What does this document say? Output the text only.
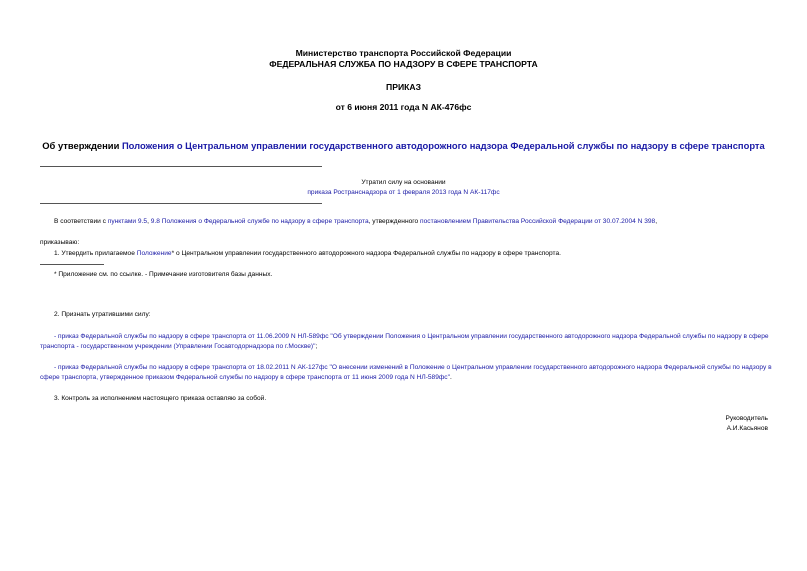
Министерство транспорта Российской Федерации
ФЕДЕРАЛЬНАЯ СЛУЖБА ПО НАДЗОРУ В СФЕРЕ ТРАНСПОРТА
ПРИКАЗ
от 6 июня 2011 года N АК-476фс
Об утверждении Положения о Центральном управлении государственного автодорожного надзора Федеральной службы по надзору в сфере транспорта
Утратил силу на основании
приказа Ространснадзора от 1 февраля 2013 года N АК-117фс
В соответствии с пунктами 9.5, 9.8 Положения о Федеральной службе по надзору в сфере транспорта, утвержденного постановлением Правительства Российской Федерации от 30.07.2004 N 398,
приказываю:
1. Утвердить прилагаемое Положение* о Центральном управлении государственного автодорожного надзора Федеральной службы по надзору в сфере транспорта.
* Приложение см. по ссылке. - Примечание изготовителя базы данных.
2. Признать утратившими силу:
- приказ Федеральной службы по надзору в сфере транспорта от 11.06.2009 N НЛ-589фс "Об утверждении Положения о Центральном управлении государственного автодорожного надзора Федеральной службы по надзору в сфере транспорта - государственном учреждении (Управлении Госавтодорнадзора по г.Москве)";
- приказ Федеральной службы по надзору в сфере транспорта от 18.02.2011 N АК-127фс "О внесении изменений в Положение о Центральном управлении государственного автодорожного надзора Федеральной службы по надзору в сфере транспорта, утвержденное приказом Федеральной службы по надзору в сфере транспорта от 11 июня 2009 года N НЛ-589фс".
3. Контроль за исполнением настоящего приказа оставляю за собой.
Руководитель
А.И.Касьянов
